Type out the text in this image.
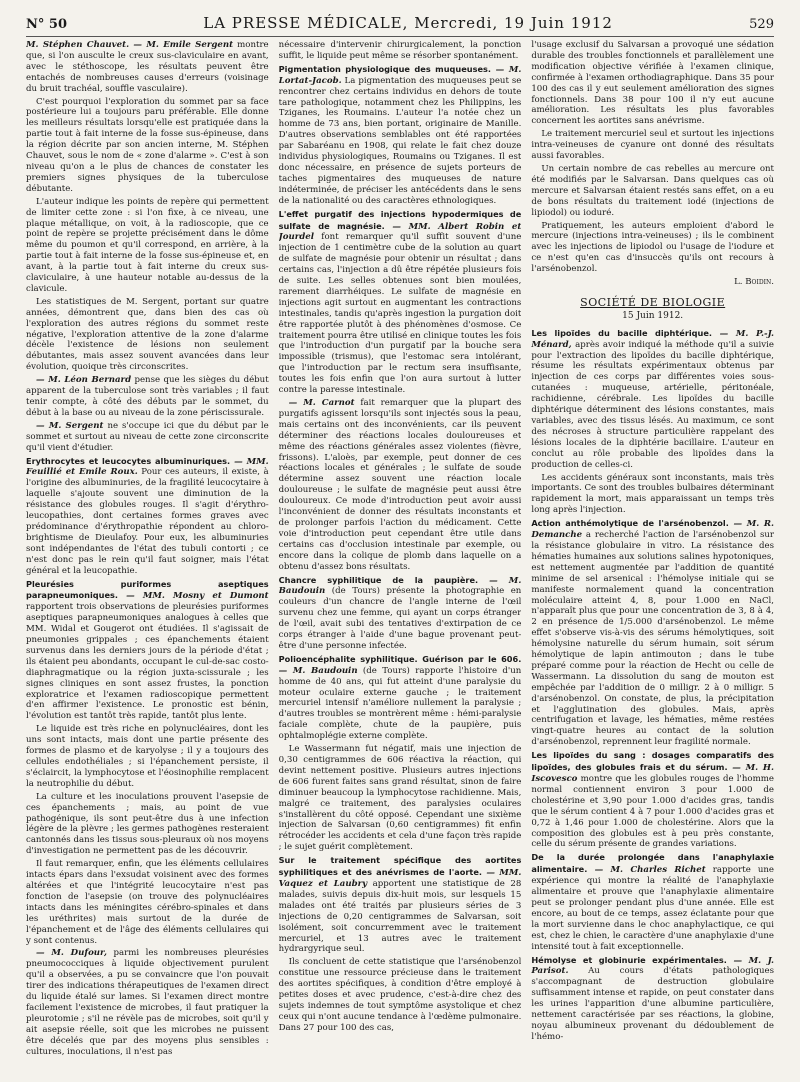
N° 50	LA PRESSE MÉDICALE, Mercredi, 19 Juin 1912	529

M. Stéphen Chauvet. — M. Emile Sergent montre que, si l'on ausculte le creux sus-claviculaire en avant, avec le stéthoscope, les résultats peuvent être entachés de nombreuses causes d'erreurs (voisinage du bruit trachéal, souffle vasculaire).

C'est pourquoi l'exploration du sommet par sa face postérieure lui a toujours paru préférable. Elle donne les meilleurs résultats lorsqu'elle est pratiquée dans la partie tout à fait interne de la fosse sus-épineuse, dans la région décrite par son ancien interne, M. Stéphen Chauvet, sous le nom de « zone d'alarme ». C'est à son niveau qu'on a le plus de chances de constater les premiers signes physiques de la tuberculose débutante.

L'auteur indique les points de repère qui permettent de limiter cette zone : si l'on fixe, à ce niveau, une plaque métallique, on voit, à la radioscopie, que ce point de repère se projette précisément dans le dôme même du poumon et qu'il correspond, en arrière, à la partie tout à fait interne de la fosse sus-épineuse et, en avant, à la partie tout à fait interne du creux sus-claviculaire, à une hauteur notable au-dessus de la clavicule.

Les statistiques de M. Sergent, portant sur quatre années, démontrent que, dans bien des cas où l'exploration des autres régions du sommet reste négative, l'exploration attentive de la zone d'alarme décèle l'existence de lésions non seulement débutantes, mais assez souvent avancées dans leur évolution, quoique très circonscrites.

— M. Léon Bernard pense que les sièges du début apparent de la tuberculose sont très variables ; il faut tenir compte, à côté des débuts par le sommet, du début à la base ou au niveau de la zone périscissurale.

— M. Sergent ne s'occupe ici que du début par le sommet et surtout au niveau de cette zone circonscrite qu'il vient d'étudier.

Erythrocytes et leucocytes albuminuriques. — MM. Feuillié et Emile Roux. Pour ces auteurs, il existe, à l'origine des albuminuries, de la fragilité leucocytaire à laquelle s'ajoute souvent une diminution de la résistance des globules rouges. Il s'agit d'érythro-leucopathies, dont certaines formes graves avec prédominance d'érythropathie répondent au chloro-brightisme de Dieulafoy. Pour eux, les albuminuries sont indépendantes de l'état des tubuli contorti ; ce n'est donc pas le rein qu'il faut soigner, mais l'état général et la leucopathie.

Pleurésies puriformes aseptiques parapneumoniques. — MM. Mosny et Dumont rapportent trois observations de pleurésies puriformes aseptiques parapneumoniques analogues à celles que MM. Widal et Gougerot ont étudiées. Il s'agissait de pneumonies grippales ; ces épanchements étaient survenus dans les derniers jours de la période d'état ; ils étaient peu abondants, occupant le cul-de-sac costo-diaphragmatique ou la région juxta-scissurale ; les signes cliniques en sont assez frustes, la ponction exploratrice et l'examen radioscopique permettent d'en affirmer l'existence. Le pronostic est bénin, l'évolution est tantôt très rapide, tantôt plus lente.

Le liquide est très riche en polynucléaires, dont les uns sont intacts, mais dont une partie présente des formes de plasmo et de karyolyse ; il y a toujours des cellules endothéliales ; si l'épanchement persiste, il s'éclaircit, la lymphocytose et l'éosinophilie remplacent la neutrophilie du début.

La culture et les inoculations prouvent l'asepsie de ces épanchements ; mais, au point de vue pathogénique, ils sont peut-être dus à une infection légère de la plèvre ; les germes pathogènes resteraient cantonnés dans les tissus sous-pleuraux où nos moyens d'investigation ne permettent pas de les découvrir.

Il faut remarquer, enfin, que les éléments cellulaires intacts épars dans l'exsudat voisinent avec des formes altérées et que l'intégrité leucocytaire n'est pas fonction de l'asepsie (on trouve des polynucléaires intacts dans les méningites cérébro-spinales et dans les uréthrites) mais surtout de la durée de l'épanchement et de l'âge des éléments cellulaires qui y sont contenus.

— M. Dufour, parmi les nombreuses pleurésies pneumococciques à liquide objectivement purulent qu'il a observées, a pu se convaincre que l'on pouvait tirer des indications thérapeutiques de l'examen direct du liquide étalé sur lames. Si l'examen direct montre facilement l'existence de microbes, il faut pratiquer la pleurotomie ; s'il ne révèle pas de microbes, soit qu'il y ait asepsie réelle, soit que les microbes ne puissent être décelés que par des moyens plus sensibles : cultures, inoculations, il n'est pas

nécessaire d'intervenir chirurgicalement, la ponction suffit, le liquide peut même se résorber spontanément.

Pigmentation physiologique des muqueuses. — M. Lortat-Jacob. La pigmentation des muqueuses peut se rencontrer chez certains individus en dehors de toute tare pathologique, notamment chez les Philippins, les Tziganes, les Roumains. L'auteur l'a notée chez un homme de 73 ans, bien portant, originaire de Manille. D'autres observations semblables ont été rapportées par Sabaréanu en 1908, qui relate le fait chez douze individus physiologiques, Roumains ou Tziganes. Il est donc nécessaire, en présence de sujets porteurs de taches pigmentaires des muqueuses de nature indéterminée, de préciser les antécédents dans le sens de la nationalité ou des caractères ethnologiques.

L'effet purgatif des injections hypodermiques de sulfate de magnésie. — MM. Albert Robin et Jourdel font remarquer qu'il suffit souvent d'une injection de 1 centimètre cube de la solution au quart de sulfate de magnésie pour obtenir un résultat ; dans certains cas, l'injection a dû être répétée plusieurs fois de suite. Les selles obtenues sont bien moulées, rarement diarrhéiques. Le sulfate de magnésie en injections agit surtout en augmentant les contractions intestinales, tandis qu'après ingestion la purgation doit être rapportée plutôt à des phénomènes d'osmose. Ce traitement pourra être utilisé en clinique toutes les fois que l'introduction d'un purgatif par la bouche sera impossible (trismus), que l'estomac sera intolérant, que l'introduction par le rectum sera insuffisante, toutes les fois enfin que l'on aura surtout à lutter contre la paresse intestinale.

— M. Carnot fait remarquer que la plupart des purgatifs agissent lorsqu'ils sont injectés sous la peau, mais certains ont des inconvénients, car ils peuvent déterminer des réactions locales douloureuses et même des réactions générales assez violentes (fièvre, frissons). L'aloès, par exemple, peut donner de ces réactions locales et générales ; le sulfate de soude détermine assez souvent une réaction locale douloureuse ; le sulfate de magnésie peut aussi être douloureux. Ce mode d'introduction peut avoir aussi l'inconvénient de donner des résultats inconstants et de prolonger parfois l'action du médicament. Cette voie d'introduction peut cependant être utile dans certains cas d'occlusion intestinale par exemple, ou encore dans la colique de plomb dans laquelle on a obtenu d'assez bons résultats.

Chancre syphilitique de la paupière. — M. Baudouin (de Tours) présente la photographie en couleurs d'un chancre de l'angle interne de l'œil survenu chez une femme, qui ayant un corps étranger de l'œil, avait subi des tentatives d'extirpation de ce corps étranger à l'aide d'une bague provenant peut-être d'une personne infectée.

Polioencéphalite syphilitique. Guérison par le 606. — M. Baudouin (de Tours) rapporte l'histoire d'un homme de 40 ans, qui fut atteint d'une paralysie du moteur oculaire externe gauche ; le traitement mercuriel intensif n'améliore nullement la paralysie ; d'autres troubles se montrèrent même : hémi-paralysie faciale complète, chute de la paupière, puis ophtalmoplégie externe complète.

Le Wassermann fut négatif, mais une injection de 0,30 centigrammes de 606 réactiva la réaction, qui devint nettement positive. Plusieurs autres injections de 606 furent faites sans grand résultat, sinon de faire diminuer beaucoup la lymphocytose rachidienne. Mais, malgré ce traitement, des paralysies oculaires s'installèrent du côté opposé. Cependant une sixième injection de Salvarsan (0,60 centigrammes) fit enfin rétrocéder les accidents et cela d'une façon très rapide ; le sujet guérit complètement.

Sur le traitement spécifique des aortites syphilitiques et des anévrismes de l'aorte. — MM. Vaquez et Laubry apportent une statistique de 28 malades, suivis depuis dix-huit mois, sur lesquels 15 malades ont été traités par plusieurs séries de 3 injections de 0,20 centigrammes de Salvarsan, soit isolément, soit concurremment avec le traitement mercuriel, et 13 autres avec le traitement hydrargyrique seul.

Ils concluent de cette statistique que l'arsénobenzol constitue une ressource précieuse dans le traitement des aortites spécifiques, à condition d'être employé à petites doses et avec prudence, c'est-à-dire chez des sujets indemnes de tout symptôme asystolique et chez ceux qui n'ont aucune tendance à l'œdème pulmonaire. Dans 27 pour 100 des cas,

l'usage exclusif du Salvarsan a provoqué une sédation durable des troubles fonctionnels et parallèlement une modification objective vérifiée à l'examen clinique, confirmée à l'examen orthodiagraphique. Dans 35 pour 100 des cas il y eut seulement amélioration des signes fonctionnels. Dans 38 pour 100 il n'y eut aucune amélioration. Les résultats les plus favorables concernent les aortites sans anévrisme.

Le traitement mercuriel seul et surtout les injections intra-veineuses de cyanure ont donné des résultats aussi favorables.

Un certain nombre de cas rebelles au mercure ont été modifiés par le Salvarsan. Dans quelques cas où mercure et Salvarsan étaient restés sans effet, on a eu de bons résultats du traitement iodé (injections de lipiodol) ou ioduré.

Pratiquement, les auteurs emploient d'abord le mercure (injections intra-veineuses) ; ils le combinent avec les injections de lipiodol ou l'usage de l'iodure et ce n'est qu'en cas d'insuccès qu'ils ont recours à l'arsénobenzol.

L. Boidin.
SOCIÉTÉ DE BIOLOGIE
15 Juin 1912.

Les lipoïdes du bacille diphtérique. — M. P.-J. Ménard, après avoir indiqué la méthode qu'il a suivie pour l'extraction des lipoïdes du bacille diphtérique, résume les résultats expérimentaux obtenus par injection de ces corps par différentes voies sous-cutanées : muqueuse, artérielle, péritonéale, rachidienne, cérébrale. Les lipoïdes du bacille diphtérique déterminent des lésions constantes, mais variables, avec des tissus lésés. Au maximum, ce sont des nécroses à structure particulière rappelant des lésions locales de la diphtérie bacillaire. L'auteur en conclut au rôle probable des lipoïdes dans la production de celles-ci.

Les accidents généraux sont inconstants, mais très importants. Ce sont des troubles bulbaires déterminant rapidement la mort, mais apparaissant un temps très long après l'injection.

Action anthémolytique de l'arsénobenzol. — M. R. Demanche a recherché l'action de l'arsénobenzol sur la résistance globulaire in vitro. La résistance des hématies humaines aux solutions salines hypotoniques, est nettement augmentée par l'addition de quantité minime de sel arsenical : l'hémolyse initiale qui se manifeste normalement quand la concentration moléculaire atteint 4, 8, pour 1.000 en NaCl, n'apparaît plus que pour une concentration de 3, 8 à 4, 2 en présence de 1/5.000 d'arsénobenzol. Le même effet s'observe vis-à-vis des sérums hémolytiques, soit hémolysine naturelle du sérum humain, soit sérum hémolytique de lapin antimouton ; dans le tube préparé comme pour la réaction de Hecht ou celle de Wassermann. La dissolution du sang de mouton est empêchée par l'addition de 0 milligr. 2 à 0 milligr. 5 d'arsénobenzol. On constate, de plus, la précipitation et l'agglutination des globules. Mais, après centrifugation et lavage, les hématies, même restées vingt-quatre heures au contact de la solution d'arsénobenzol, reprennent leur fragilité normale.

Les lipoïdes du sang : dosages comparatifs des lipoïdes, des globules frais et du sérum. — M. H. Iscovesco montre que les globules rouges de l'homme normal contiennent environ 3 pour 1.000 de cholestérine et 3,90 pour 1.000 d'acides gras, tandis que le sérum contient 4 à 7 pour 1.000 d'acides gras et 0,72 à 1,46 pour 1.000 de cholestérine. Alors que la composition des globules est à peu près constante, celle du sérum présente de grandes variations.

De la durée prolongée dans l'anaphylaxie alimentaire. — M. Charles Richet rapporte une expérience qui montre la réalité de l'anaphylaxie alimentaire et prouve que l'anaphylaxie alimentaire peut se prolonger pendant plus d'une année. Elle est encore, au bout de ce temps, assez éclatante pour que la mort survienne dans le choc anaphylactique, ce qui est, chez le chien, le caractère d'une anaphylaxie d'une intensité tout à fait exceptionnelle.

Hémolyse et globinurie expérimentales. — M. J. Parisot. Au cours d'états pathologiques s'accompagnant de destruction globulaire suffisamment intense et rapide, on peut constater dans les urines l'apparition d'une albumine particulière, nettement caractérisée par ses réactions, la globine, noyau albumineux provenant du dédoublement de l'hémo-
